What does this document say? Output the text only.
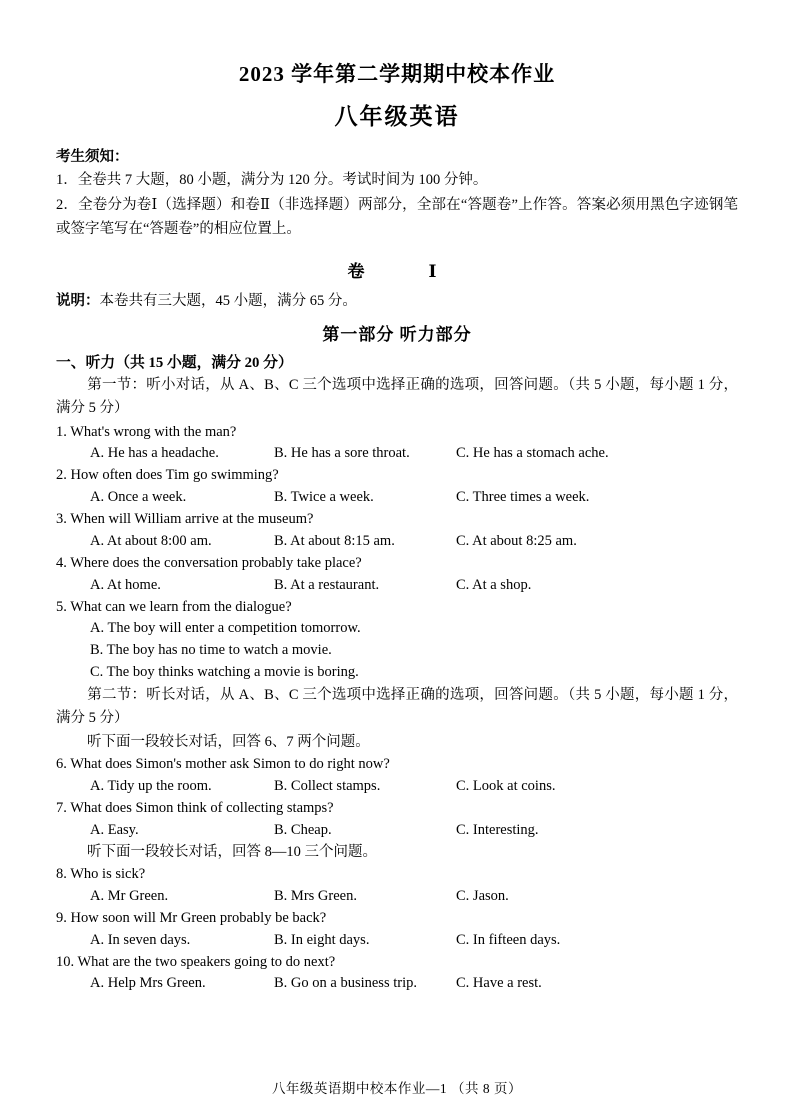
2023 学年第二学期期中校本作业
八年级英语
考生须知：
1．全卷共 7 大题，80 小题，满分为 120 分。考试时间为 100 分钟。
2．全卷分为卷Ⅰ（选择题）和卷Ⅱ（非选择题）两部分，全部在“答题卷”上作答。答案必须用黑色字迹钢笔或签字笔写在“答题卷”的相应位置上。
卷　　Ⅰ
说明：本卷共有三大题，45 小题，满分 65 分。
第一部分 听力部分
一、听力（共 15 小题，满分 20 分）
第一节：听小对话，从 A、B、C 三个选项中选择正确的选项，回答问题。（共 5 小题，每小题 1 分，满分 5 分）
1. What's wrong with the man?
A. He has a headache.	B. He has a sore throat.	C. He has a stomach ache.
2. How often does Tim go swimming?
A. Once a week.	B. Twice a week.	C. Three times a week.
3. When will William arrive at the museum?
A. At about 8:00 am.	B. At about 8:15 am.	C. At about 8:25 am.
4. Where does the conversation probably take place?
A. At home.	B. At a restaurant.	C. At a shop.
5. What can we learn from the dialogue?
A. The boy will enter a competition tomorrow.
B. The boy has no time to watch a movie.
C. The boy thinks watching a movie is boring.
第二节：听长对话，从 A、B、C 三个选项中选择正确的选项，回答问题。（共 5 小题，每小题 1 分，满分 5 分）
听下面一段较长对话，回答 6、7 两个问题。
6. What does Simon's mother ask Simon to do right now?
A. Tidy up the room.	B. Collect stamps.	C. Look at coins.
7. What does Simon think of collecting stamps?
A. Easy.	B. Cheap.	C. Interesting.
听下面一段较长对话，回答 8—10 三个问题。
8. Who is sick?
A. Mr Green.	B. Mrs Green.	C. Jason.
9. How soon will Mr Green probably be back?
A. In seven days.	B. In eight days.	C. In fifteen days.
10. What are the two speakers going to do next?
A. Help Mrs Green.	B. Go on a business trip.	C. Have a rest.
八年级英语期中校本作业—1 （共 8 页）
